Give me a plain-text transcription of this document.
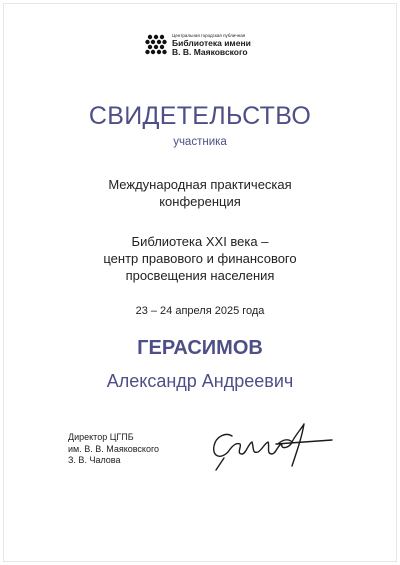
Центральная городская публичная
Библиотека имени
В. В. Маяковского
СВИДЕТЕЛЬСТВО
участника
Международная практическая
конференция
Библиотека XXI века –
центр правового и финансового
просвещения населения
23 – 24 апреля 2025 года
ГЕРАСИМОВ
Александр Андреевич
Директор ЦГПБ
им. В. В. Маяковского
З. В. Чалова
